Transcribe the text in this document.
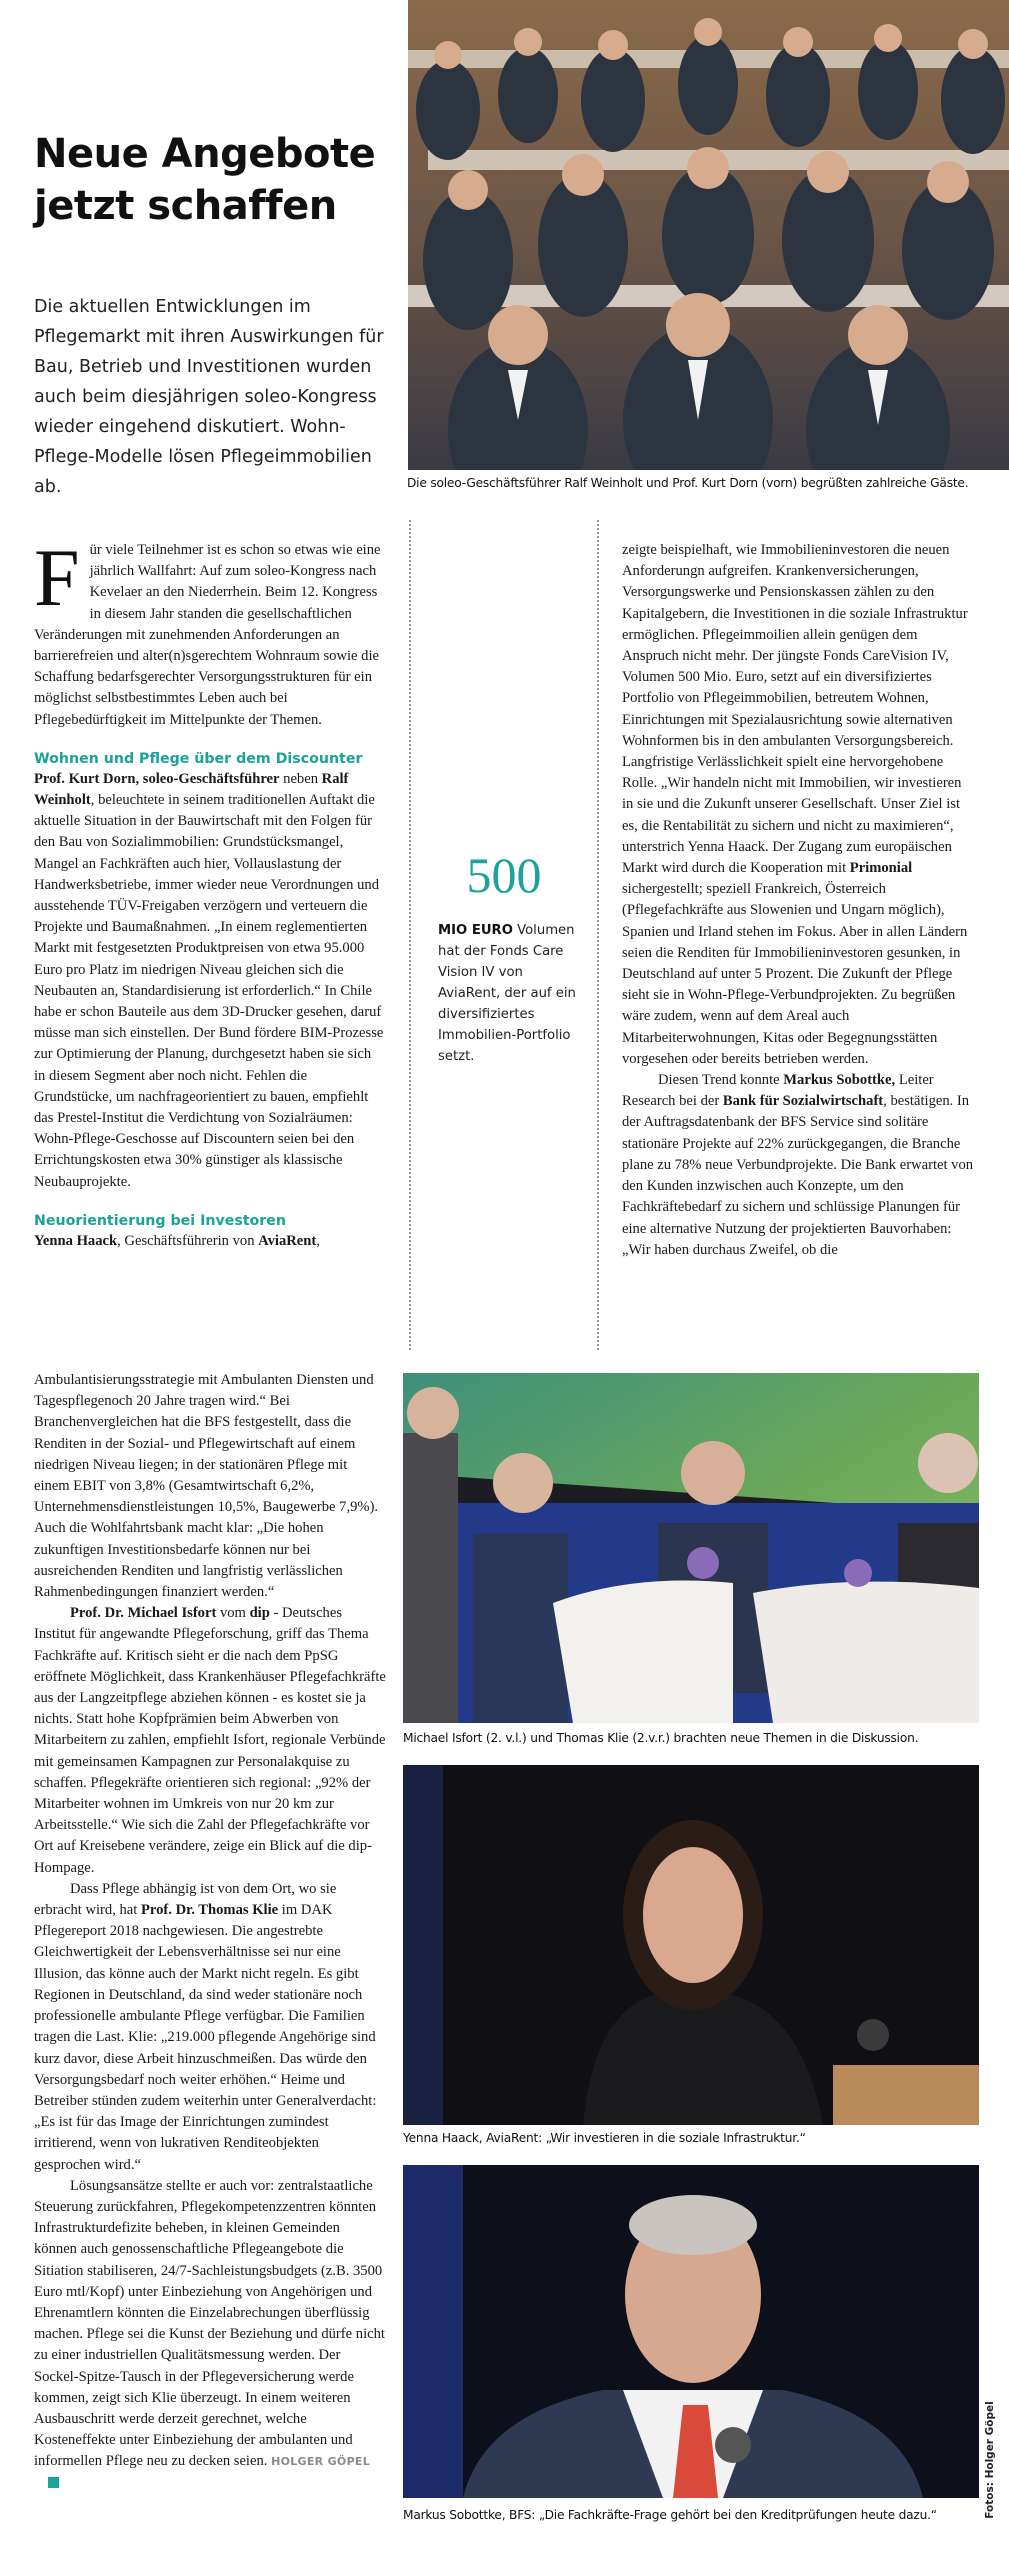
Neue Angebote jetzt schaffen

Die aktuellen Entwicklungen im Pflegemarkt mit ihren Auswirkungen für Bau, Betrieb und Investitionen wurden auch beim diesjährigen soleo-Kongress wieder eingehend diskutiert. Wohn-Pflege-Modelle lösen Pflegeimmobilien ab.	Die soleo-Geschäftsführer Ralf Weinholt und Prof. Kurt Dorn (vorn) begrüßten zahlreiche Gäste.

Für viele Teilnehmer ist es schon so etwas wie eine jährlich Wallfahrt: Auf zum soleo-Kongress nach Kevelaer an den Niederrhein. Beim 12. Kongress in diesem Jahr standen die gesellschaftlichen Veränderungen mit zunehmenden Anforderungen an barrierefreien und alter(n)sgerechtem Wohnraum sowie die Schaffung bedarfsgerechter Versorgungsstrukturen für ein möglichst selbstbestimmtes Leben auch bei Pflegebedürftigkeit im Mittelpunkte der Themen.

Wohnen und Pflege über dem Discounter

Prof. Kurt Dorn, soleo-Geschäftsführer neben Ralf Weinholt, beleuchtete in seinem traditionellen Auftakt die aktuelle Situation in der Bauwirtschaft mit den Folgen für den Bau von Sozialimmobilien: Grundstücksmangel, Mangel an Fachkräften auch hier, Vollauslastung der Handwerksbetriebe, immer wieder neue Verordnungen und ausstehende TÜV-Freigaben verzögern und verteuern die Projekte und Baumaßnahmen. „In einem reglementierten Markt mit festgesetzten Produktpreisen von etwa 95.000 Euro pro Platz im niedrigen Niveau gleichen sich die Neubauten an, Standardisierung ist erforderlich.“ In Chile habe er schon Bauteile aus dem 3D-Drucker gesehen, daruf müsse man sich einstellen. Der Bund fördere BIM-Prozesse zur Optimierung der Planung, durchgesetzt haben sie sich in diesem Segment aber noch nicht. Fehlen die Grundstücke, um nachfrageorientiert zu bauen, empfiehlt das Prestel-Institut die Verdichtung von Sozialräumen: Wohn-Pflege-Geschosse auf Discountern seien bei den Errichtungskosten etwa 30% günstiger als klassische Neubauprojekte.

Neuorientierung bei Investoren

Yenna Haack, Geschäftsführerin von AviaRent,

500
MIO EURO Volumen hat der Fonds Care Vision IV von AviaRent, der auf ein diversifiziertes Immobilien-Portfolio setzt.

zeigte beispielhaft, wie Immobilieninvestoren die neuen Anforderungn aufgreifen. Krankenversicherungen, Versorgungswerke und Pensionskassen zählen zu den Kapitalgebern, die Investitionen in die soziale Infrastruktur ermöglichen. Pflegeimmoilien allein genügen dem Anspruch nicht mehr. Der jüngste Fonds CareVision IV, Volumen 500 Mio. Euro, setzt auf ein diversifiziertes Portfolio von Pflegeimmobilien, betreutem Wohnen, Einrichtungen mit Spezialausrichtung sowie alternativen Wohnformen bis in den ambulanten Versorgungsbereich. Langfristige Verlässlichkeit spielt eine hervorgehobene Rolle. „Wir handeln nicht mit Immobilien, wir investieren in sie und die Zukunft unserer Gesellschaft. Unser Ziel ist es, die Rentabilität zu sichern und nicht zu maximieren“, unterstrich Yenna Haack. Der Zugang zum europäischen Markt wird durch die Kooperation mit Primonial sichergestellt; speziell Frankreich, Österreich (Pflegefachkräfte aus Slowenien und Ungarn möglich), Spanien und Irland stehen im Fokus. Aber in allen Ländern seien die Renditen für Immobilieninvestoren gesunken, in Deutschland auf unter 5 Prozent. Die Zukunft der Pflege sieht sie in Wohn-Pflege-Verbundprojekten. Zu begrüßen wäre zudem, wenn auf dem Areal auch Mitarbeiterwohnungen, Kitas oder Begegnungsstätten vorgesehen oder bereits betrieben werden.

Diesen Trend konnte Markus Sobottke, Leiter Research bei der Bank für Sozialwirtschaft, bestätigen. In der Auftragsdatenbank der BFS Service sind solitäre stationäre Projekte auf 22% zurückgegangen, die Branche plane zu 78% neue Verbundprojekte. Die Bank erwartet von den Kunden inzwischen auch Konzepte, um den Fachkräftebedarf zu sichern und schlüssige Planungen für eine alternative Nutzung der projektierten Bauvorhaben: „Wir haben durchaus Zweifel, ob die

Ambulantisierungsstrategie mit Ambulanten Diensten und Tagespflegenoch 20 Jahre tragen wird.“ Bei Branchenvergleichen hat die BFS festgestellt, dass die Renditen in der Sozial- und Pflegewirtschaft auf einem niedrigen Niveau liegen; in der stationären Pflege mit einem EBIT von 3,8% (Gesamtwirtschaft 6,2%, Unternehmensdienstleistungen 10,5%, Baugewerbe 7,9%). Auch die Wohlfahrtsbank macht klar: „Die hohen zukunftigen Investitionsbedarfe können nur bei ausreichenden Renditen und langfristig verlässlichen Rahmenbedingungen finanziert werden.“

Prof. Dr. Michael Isfort vom dip - Deutsches Institut für angewandte Pflegeforschung, griff das Thema Fachkräfte auf. Kritisch sieht er die nach dem PpSG eröffnete Möglichkeit, dass Krankenhäuser Pflegefachkräfte aus der Langzeitpflege abziehen können - es kostet sie ja nichts. Statt hohe Kopfprämien beim Abwerben von Mitarbeitern zu zahlen, empfiehlt Isfort, regionale Verbünde mit gemeinsamen Kampagnen zur Personalakquise zu schaffen. Pflegekräfte orientieren sich regional: „92% der Mitarbeiter wohnen im Umkreis von nur 20 km zur Arbeitsstelle.“ Wie sich die Zahl der Pflegefachkräfte vor Ort auf Kreisebene verändere, zeige ein Blick auf die dip-Hompage.

Dass Pflege abhängig ist von dem Ort, wo sie erbracht wird, hat Prof. Dr. Thomas Klie im DAK Pflegereport 2018 nachgewiesen. Die angestrebte Gleichwertigkeit der Lebensverhältnisse sei nur eine Illusion, das könne auch der Markt nicht regeln. Es gibt Regionen in Deutschland, da sind weder stationäre noch professionelle ambulante Pflege verfügbar. Die Familien tragen die Last. Klie: „219.000 pflegende Angehörige sind kurz davor, diese Arbeit hinzuschmeißen. Das würde den Versorgungsbedarf noch weiter erhöhen.“ Heime und Betreiber stünden zudem weiterhin unter Generalverdacht: „Es ist für das Image der Einrichtungen zumindest irritierend, wenn von lukrativen Renditeobjekten gesprochen wird.“

Lösungsansätze stellte er auch vor: zentralstaatliche Steuerung zurückfahren, Pflegekompetenzzentren könnten Infrastrukturdefizite beheben, in kleinen Gemeinden können auch genossenschaftliche Pflegeangebote die Sitiation stabiliseren, 24/7-Sachleistungsbudgets (z.B. 3500 Euro mtl/Kopf) unter Einbeziehung von Angehörigen und Ehrenamtlern könnten die Einzelabrechungen überflüssig machen. Pflege sei die Kunst der Beziehung und dürfe nicht zu einer industriellen Qualitätsmessung werden. Der Sockel-Spitze-Tausch in der Pflegeversicherung werde kommen, zeigt sich Klie überzeugt. In einem weiteren Ausbauschritt werde derzeit gerechnet, welche Kosteneffekte unter Einbeziehung der ambulanten und informellen Pflege neu zu decken seien. HOLGER GÖPEL

Michael Isfort (2. v.l.) und Thomas Klie (2.v.r.) brachten neue Themen in die Diskussion.

Yenna Haack, AviaRent: „Wir investieren in die soziale Infrastruktur.“

Markus Sobottke, BFS: „Die Fachkräfte-Frage gehört bei den Kreditprüfungen heute dazu.“	Fotos: Holger Göpel
